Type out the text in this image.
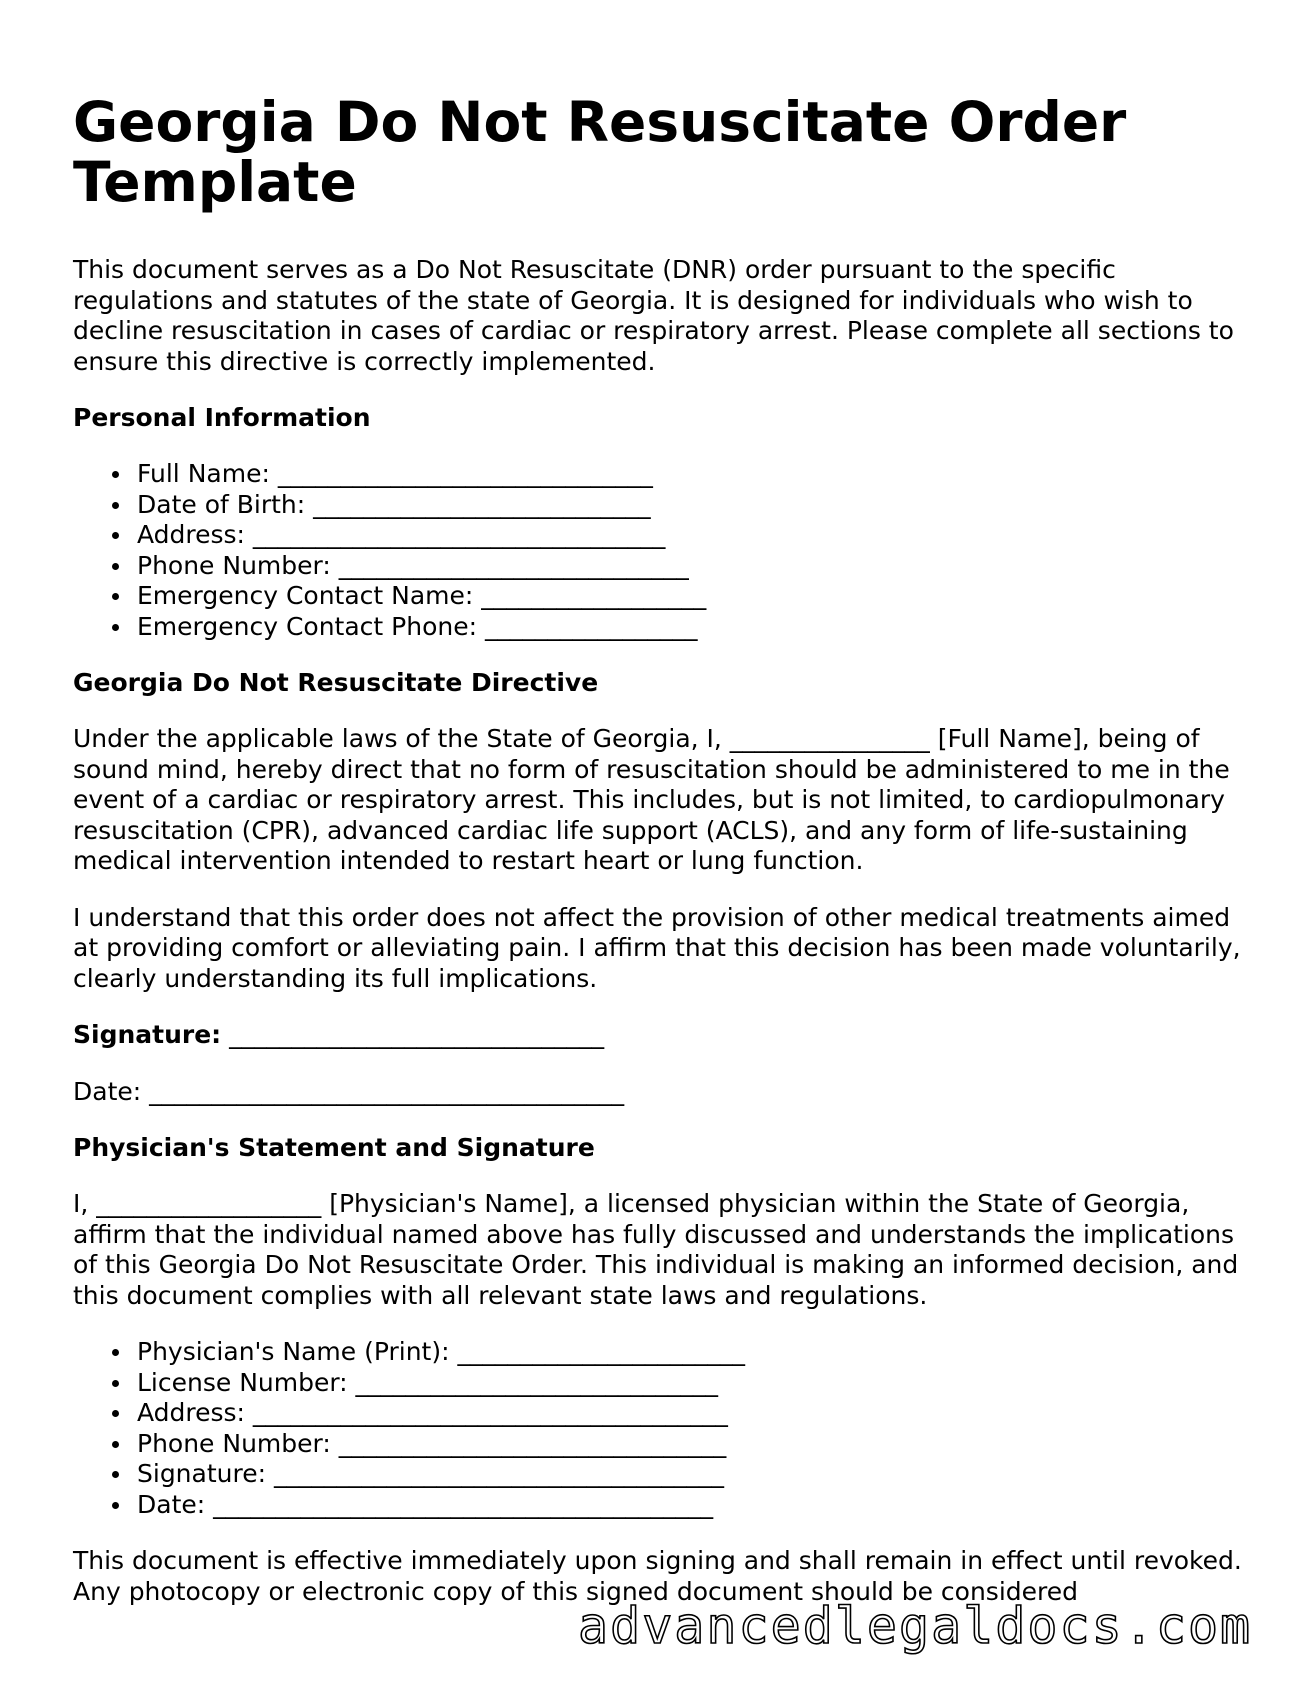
Georgia Do Not Resuscitate Order Template

This document serves as a Do Not Resuscitate (DNR) order pursuant to the specific regulations and statutes of the state of Georgia. It is designed for individuals who wish to decline resuscitation in cases of cardiac or respiratory arrest. Please complete all sections to ensure this directive is correctly implemented.

Personal Information
Full Name: ______________________________
Date of Birth: ___________________________
Address: _________________________________
Phone Number: ____________________________
Emergency Contact Name: __________________
Emergency Contact Phone: _________________
Georgia Do Not Resuscitate Directive

Under the applicable laws of the State of Georgia, I, ________________ [Full Name], being of sound mind, hereby direct that no form of resuscitation should be administered to me in the event of a cardiac or respiratory arrest. This includes, but is not limited, to cardiopulmonary resuscitation (CPR), advanced cardiac life support (ACLS), and any form of life-sustaining medical intervention intended to restart heart or lung function.

I understand that this order does not affect the provision of other medical treatments aimed at providing comfort or alleviating pain. I affirm that this decision has been made voluntarily, clearly understanding its full implications.

Signature: ______________________________

Date: ______________________________________

Physician's Statement and Signature

I, __________________ [Physician's Name], a licensed physician within the State of Georgia, affirm that the individual named above has fully discussed and understands the implications of this Georgia Do Not Resuscitate Order. This individual is making an informed decision, and this document complies with all relevant state laws and regulations.

Physician's Name (Print): _______________________
License Number: _____________________________
Address: ______________________________________
Phone Number: _______________________________
Signature: ____________________________________
Date: ________________________________________

This document is effective immediately upon signing and shall remain in effect until revoked. Any photocopy or electronic copy of this signed document should be considered

advancedlegaldocs.com
